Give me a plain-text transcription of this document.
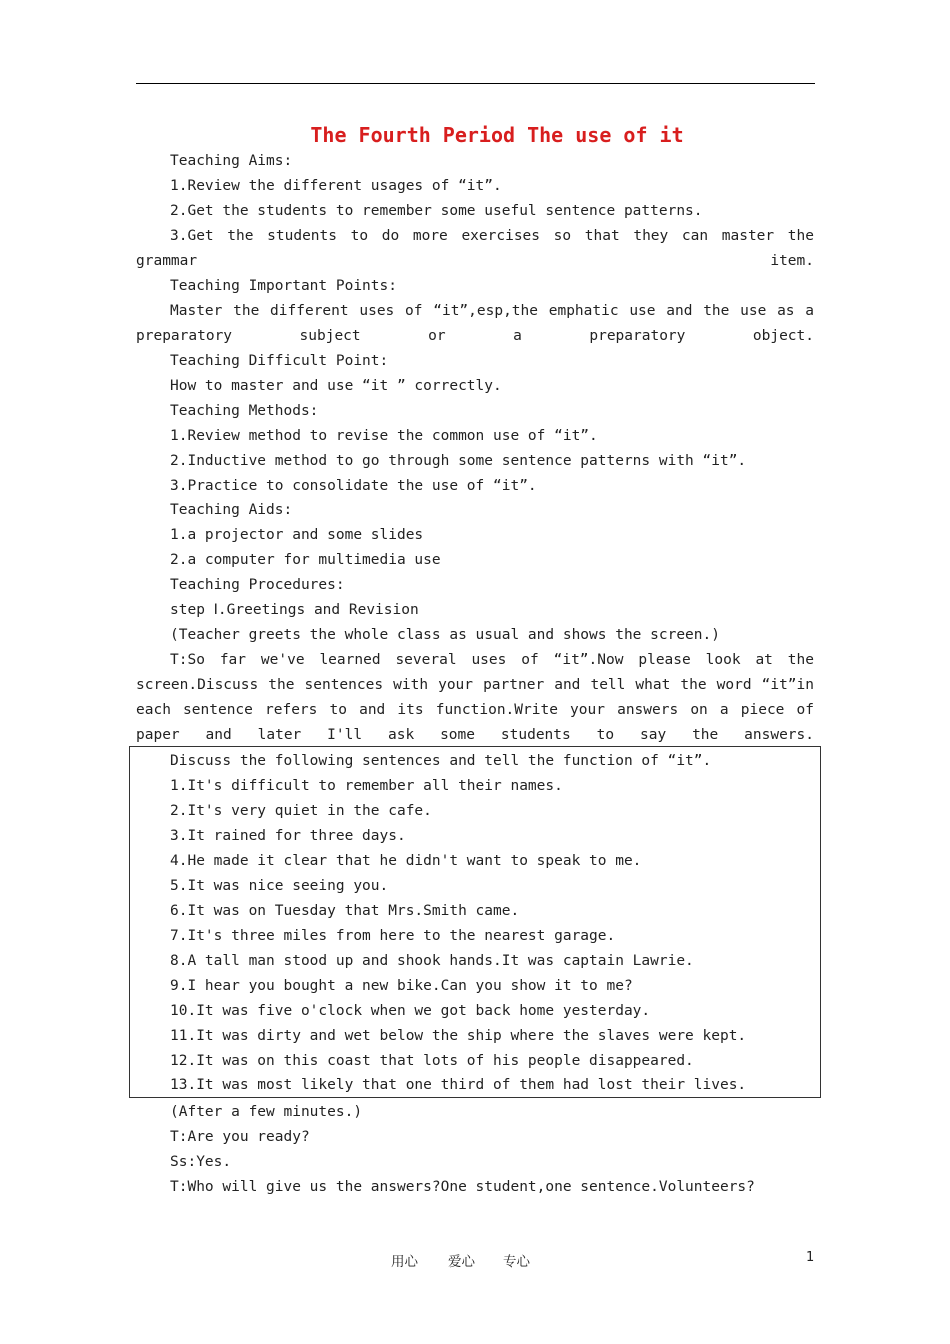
The Fourth Period The use of it
Teaching Aims:
1.Review the different usages of “it”.
2.Get the students to remember some useful sentence patterns.
3.Get the students to do more exercises so that they can master the grammar item.
Teaching Important Points:
Master the different uses of “it”,esp,the emphatic use and the use as a preparatory subject or a preparatory object.
Teaching Difficult Point:
How to master and use “it ” correctly.
Teaching Methods:
1.Review method to revise the common use of “it”.
2.Inductive method to go through some sentence patterns with “it”.
3.Practice to consolidate the use of “it”.
Teaching Aids:
1.a projector and some slides
2.a computer for multimedia use
Teaching Procedures:
step Ⅰ.Greetings and Revision
(Teacher greets the whole class as usual and shows the screen.)
T:So far we've learned several uses of “it”.Now please look at the screen.Discuss the sentences with your partner and tell what the word “it”in each sentence refers to and its function.Write your answers on a piece of paper and later I'll ask some students to say the answers.
Discuss the following sentences and tell the function of “it”.
1.It's difficult to remember all their names.
2.It's very quiet in the cafe.
3.It rained for three days.
4.He made it clear that he didn't want to speak to me.
5.It was nice seeing you.
6.It was on Tuesday that Mrs.Smith came.
7.It's three miles from here to the nearest garage.
8.A tall man stood up and shook hands.It was captain Lawrie.
9.I hear you bought a new bike.Can you show it to me?
10.It was five o'clock when we got back home yesterday.
11.It was dirty and wet below the ship where the slaves were kept.
12.It was on this coast that lots of his people disappeared.
13.It was most likely that one third of them had lost their lives.
(After a few minutes.)
T:Are you ready?
Ss:Yes.
T:Who will give us the answers?One student,one sentence.Volunteers?
用心 爱心 专心	1
